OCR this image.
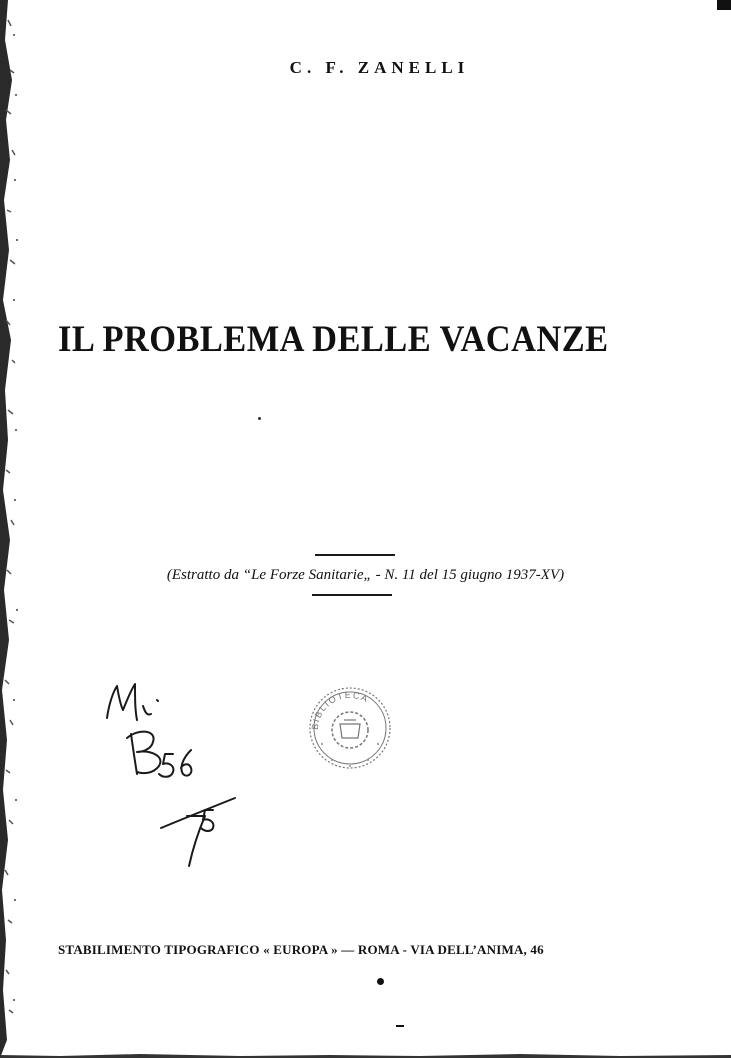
C. F. ZANELLI
IL PROBLEMA DELLE VACANZE
(Estratto da “Le Forze Sanitarie„ - N. 11 del 15 giugno 1937-XV)
BIBLIOTECA
STABILIMENTO TIPOGRAFICO « EUROPA » — ROMA - VIA DELL’ANIMA, 46
